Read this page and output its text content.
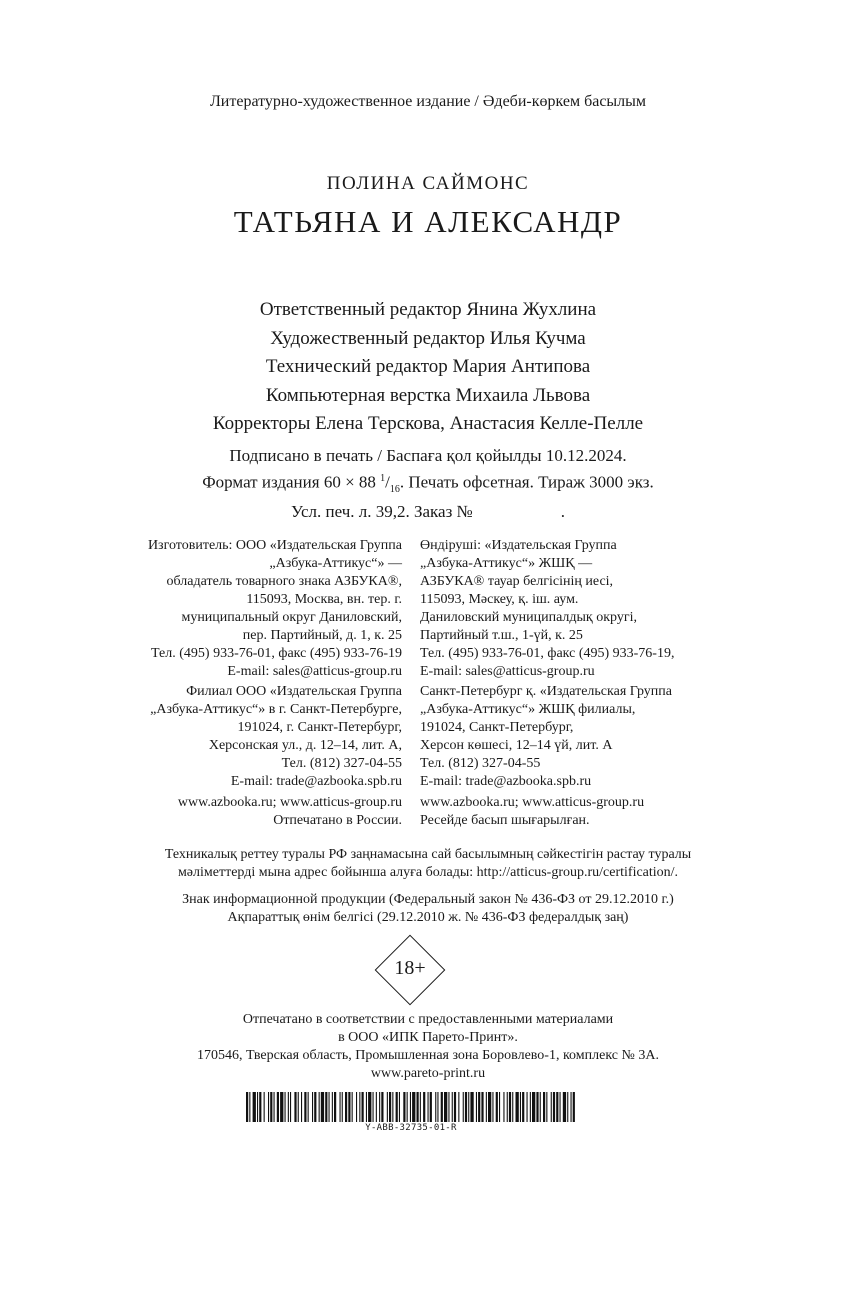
Литературно-художественное издание / Әдеби-көркем басылым
ПОЛИНА САЙМОНС
ТАТЬЯНА И АЛЕКСАНДР
Ответственный редактор Янина Жухлина
Художественный редактор Илья Кучма
Технический редактор Мария Антипова
Компьютерная верстка Михаила Львова
Корректоры Елена Терскова, Анастасия Келле-Пелле
Подписано в печать / Баспаға қол қойылды 10.12.2024.
Формат издания 60 × 88 $^1/_{16}$. Печать офсетная. Тираж 3000 экз.
Усл. печ. л. 39,2. Заказ №	.
Изготовитель: ООО «Издательская Группа
„Азбука-Аттикус“» —
обладатель товарного знака АЗБУКА®,
115093, Москва, вн. тер. г.
муниципальный округ Даниловский,
пер. Партийный, д. 1, к. 25
Тел. (495) 933-76-01, факс (495) 933-76-19
E-mail: sales@atticus-group.ru
Өндіруші: «Издательская Группа
„Азбука-Аттикус“» ЖШҚ —
АЗБУКА® тауар белгісінің иесі,
115093, Мәскеу, қ. іш. аум.
Даниловский муниципалдық округі,
Партийный т.ш., 1-үй, к. 25
Тел. (495) 933-76-01, факс (495) 933-76-19,
E-mail: sales@atticus-group.ru
Филиал ООО «Издательская Группа
„Азбука-Аттикус“» в г. Санкт-Петербурге,
191024, г. Санкт-Петербург,
Херсонская ул., д. 12–14, лит. А,
Тел. (812) 327-04-55
E-mail: trade@azbooka.spb.ru
Санкт-Петербург қ. «Издательская Группа
„Азбука-Аттикус“» ЖШҚ филиалы,
191024, Санкт-Петербург,
Херсон көшесі, 12–14 үй, лит. А
Тел. (812) 327-04-55
E-mail: trade@azbooka.spb.ru
www.azbooka.ru; www.atticus-group.ru
Отпечатано в России.
www.azbooka.ru; www.atticus-group.ru
Ресейде басып шығарылған.
Техникалық реттеу туралы РФ заңнамасына сай басылымның сәйкестігін растау туралы
мәліметтерді мына адрес бойынша алуға болады: http://atticus-group.ru/certification/.
Знак информационной продукции (Федеральный закон № 436-ФЗ от 29.12.2010 г.)
Ақпараттық өнім белгісі (29.12.2010 ж. № 436-ФЗ федералдық заң)
18+
Отпечатано в соответствии с предоставленными материалами
в ООО «ИПК Парето-Принт».
170546, Тверская область, Промышленная зона Боровлево-1, комплекс № 3А.
www.pareto-print.ru
Y-ABB-32735-01-R
